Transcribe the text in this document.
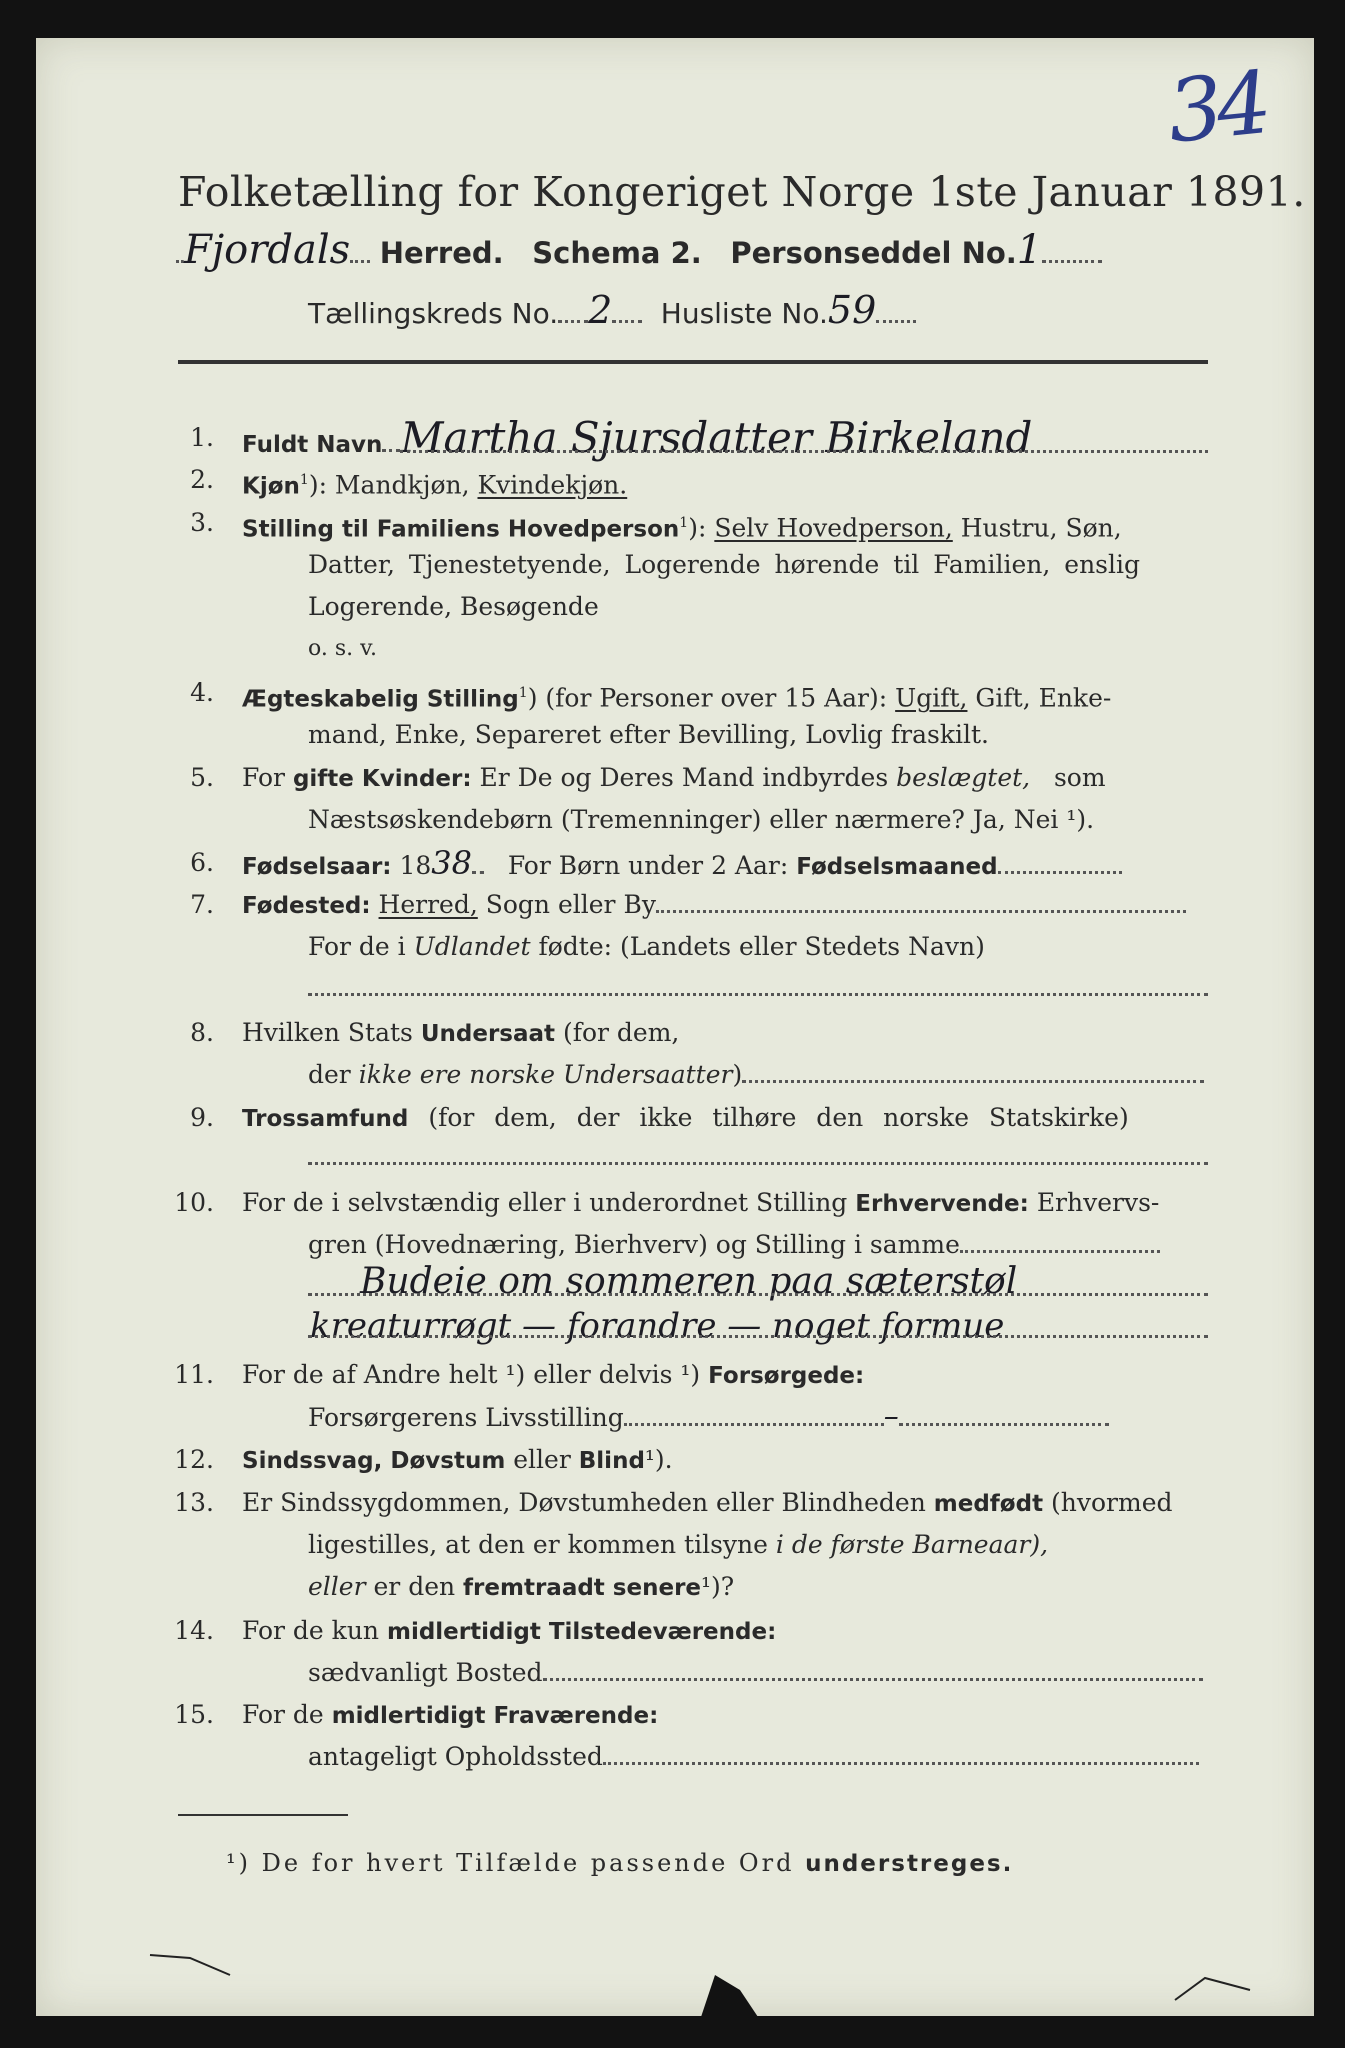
34
Folketælling for Kongeriget Norge 1ste Januar 1891.
Fjordals Herred. Schema 2. Personseddel No.1
Tællingskreds No. 2 Husliste No.59
1. Fuldt Navn Martha Sjursdatter Birkeland
2. Kjøn$^1$): Mandkjøn, Kvindekjøn.
3. Stilling til Familiens Hovedperson$^1$): Selv Hovedperson, Hustru, Søn,
Datter, Tjenestetyende, Logerende hørende til Familien, enslig
Logerende, Besøgende
o. s. v.
4. Ægteskabelig Stilling$^1$) (for Personer over 15 Aar): Ugift, Gift, Enke-
mand, Enke, Separeret efter Bevilling, Lovlig fraskilt.
5. For gifte Kvinder: Er De og Deres Mand indbyrdes beslægtet, som
Næstsøskendebørn (Tremenninger) eller nærmere? Ja, Nei ¹).
6. Fødselsaar: 1838 For Børn under 2 Aar: Fødselsmaaned
7. Fødested: Herred, Sogn eller By
For de i Udlandet fødte: (Landets eller Stedets Navn)
8. Hvilken Stats Undersaat (for dem,
der ikke ere norske Undersaatter)
9. Trossamfund (for dem, der ikke tilhøre den norske Statskirke)
10. For de i selvstændig eller i underordnet Stilling Erhvervende: Erhvervs-
gren (Hovednæring, Bierhverv) og Stilling i samme
Budeie om sommeren paa sæterstøl
kreaturrøgt — forandre — noget formue
11. For de af Andre helt ¹) eller delvis ¹) Forsørgede:
Forsørgerens Livsstilling	–
12. Sindssvag, Døvstum eller Blind¹).
13. Er Sindssygdommen, Døvstumheden eller Blindheden medfødt (hvormed
ligestilles, at den er kommen tilsyne i de første Barneaar),
eller er den fremtraadt senere¹)?
14. For de kun midlertidigt Tilstedeværende:
sædvanligt Bosted
15. For de midlertidigt Fraværende:
antageligt Opholdssted
¹) De for hvert Tilfælde passende Ord understreges.
